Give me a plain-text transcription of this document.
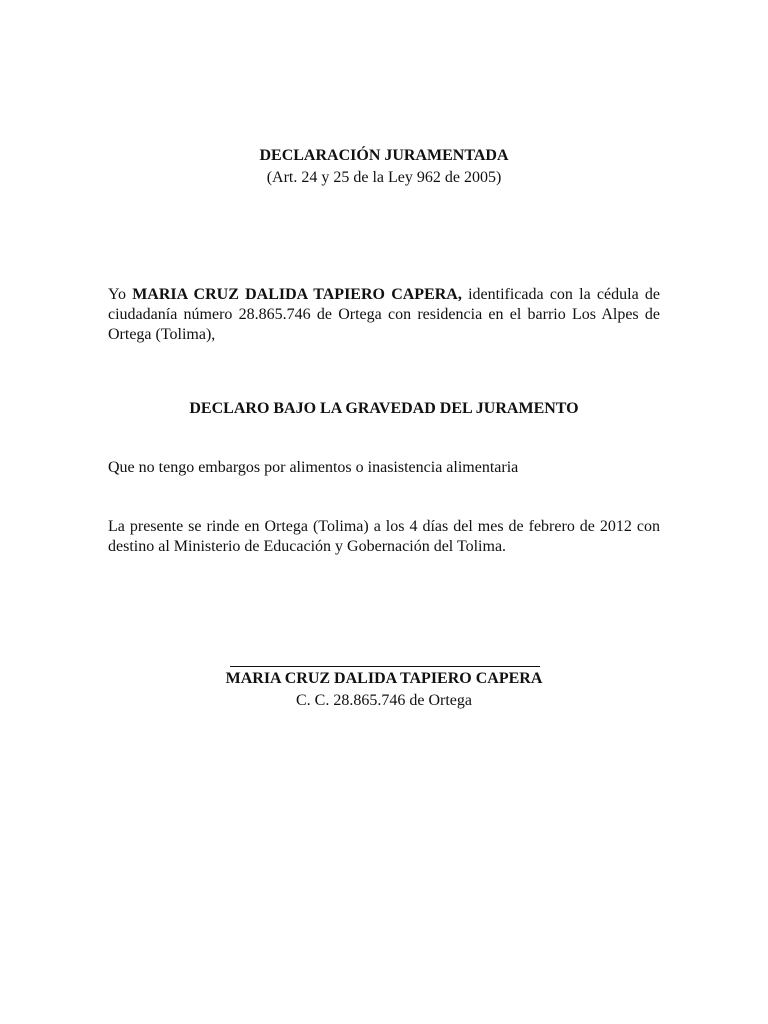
DECLARACIÓN JURAMENTADA
(Art. 24 y 25 de la Ley 962 de 2005)
Yo MARIA CRUZ DALIDA TAPIERO CAPERA, identificada con la cédula de
ciudadanía número 28.865.746 de Ortega con residencia en el barrio Los Alpes de
Ortega (Tolima),
DECLARO BAJO LA GRAVEDAD DEL JURAMENTO
Que no tengo embargos por alimentos o inasistencia alimentaria
La presente se rinde en Ortega (Tolima) a los 4 días del mes de febrero de 2012 con
destino al Ministerio de Educación y Gobernación del Tolima.
MARIA CRUZ DALIDA TAPIERO CAPERA
C. C. 28.865.746 de Ortega
